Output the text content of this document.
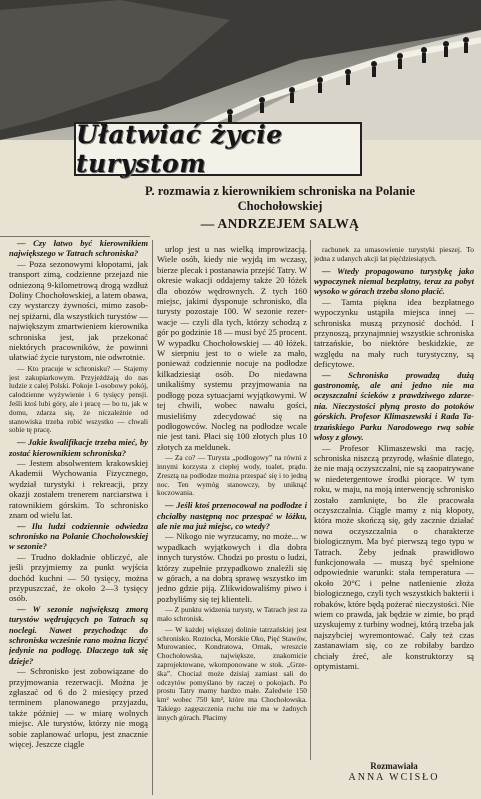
Ułatwiać życie turystom
P. rozmawia z kierownikiem schroniska na Polanie Chochołowskiej
— ANDRZEJEM SALWĄ

— Czy łatwo być kierownikiem największego w Tatrach schroniska?

— Poza sezonowymi kłopotami, jak transport zimą, codzienne przejazd nie odniezoną 9-kilometrową drogą wzdłuż Doliny Chochołowskiej, a latem obawa, czy wystarczy żywności, mimo zasobnej spiżarni, dla wszystkich turystów — największym zmartwieniem kierownika schroniska jest, jak przekonać niektórych pracowników, że powinni ułatwiać życie turystom, nie odwrotnie.

— Kto pracuje w schronisku? — Stajemy jest zakupiarkowym. Przyjeżdżają do nas ludzie z całej Polski. Pokoje 1-osobowy pokój, całodzienne wyżywienie i 6 tysięcy pensji. Jeśli ktoś lubi góry, ale i pracę — bo tu, jak w domu, zdarza się, że niczależnie od stanowiska trzeba robić wszystko — chwali sobie tę pracę.

— Jakie kwalifikacje trzeba mieć, by zostać kierownikiem schroniska?

— Jestem absolwentem krakowskiej Akademii Wychowania Fizycznego, wydział turystyki i rekreacji, przy okazji zostałem trenerem narciarstwa i ratownikiem górskim. To schronisko znam od wielu lat.

— Ilu ludzi codziennie odwiedza schronisko na Polanie Chochołowskiej w sezonie?

— Trudno dokładnie obliczyć, ale jeśli przyjmiemy za punkt wyjścia dochód kuchni — 50 tysięcy, można przypuszczać, że około 2—3 tysięcy osób.

— W sezonie największą zmorą turystów wędrujących po Tatrach są noclegi. Nawet przychodząc do schroniska wcześnie rano można liczyć jedynie na podłogę. Dlaczego tak się dzieje?

— Schronisko jest zobowiązane do przyjmowania rezerwacji. Można je zgłaszać od 6 do 2 miesięcy przed terminem planowanego przyjazdu, także później — w miarę wolnych miejsc. Ale turystów, którzy nie mogą sobie zaplanować urlopu, jest znacznie więcej. Jeszcze ciągle

urlop jest u nas wielką improwizacją. Wiele osób, kiedy nie wyjdą im wczasy, bierze plecak i postanawia przejść Tatry. W okresie wakacji oddajemy także 20 łóżek dla obozów wędrownych. Z tych 160 miejsc, jakimi dysponuje schronisko, dla turysty pozostaje 100. W sezonie rezerwacje — czyli dla tych, którzy schodzą z gór po godzinie 18 — musi być 25 procent. W wypadku Chochołowskiej — 40 łóżek. W sierpniu jest to o wiele za mało, ponieważ codziennie nocuje na podłodze kilkadziesiąt osób. Do niedawna unikaliśmy systemu przyjmowania na podłogę poza sytuacjami wyjątkowymi. W tej chwili, wobec nawału gości, musieliśmy zdecydować się na podłogowców. Nocleg na podłodze wcale nie jest tani. Płaci się 100 złotych plus 10 złotych za meldunek.

— Za co? — Turysta „podłogowy” na równi z innymi korzysta z ciepłej wody, toalet, prądu. Zresztą na podłodze można przespać się i to jedną noc. Ten wymóg stanowczy, by uniknąć koczowania.

— Jeśli ktoś przenocował na podłodze i chciałby następną noc przespać w łóżku, ale nie ma już miejsc, co wtedy?

— Nikogo nie wyrzucamy, no może... w wypadkach wyjątkowych i dla dobra innych turystów. Chodzi po prostu o ludzi, którzy zupełnie przypadkowo znaleźli się w górach, a na dobrą sprawę wszystko im jedno gdzie piją. Zlikwidowaliśmy piwo i pozbyliśmy się tej klienteli.

— Z punktu widzenia turysty, w Tatrach jest za mało schronisk.

— W każdej większej dolinie tatrzańskiej jest schronisko. Roztocka, Morskie Oko, Pięć Stawów, Murowaniec, Kondratowa, Ornak, wreszcie Chochołowska, największe, znakomicie zaprojektowane, wkomponowane w stok. „Grześka”. Chociaż może dzisiaj zamiast sali do odczytów pomyślano by raczej o pokojach. Po prostu Tatry mamy bardzo małe. Zaledwie 150 km² wobec 750 km², które ma Chochołowska. Takiego zagęszczenia ruchu nie ma w żadnych innych górach. Płacimy

rachunek za umasowienie turystyki pieszej. To jedna z udanych akcji lat pięćdziesiątych.

— Wtedy propagowano turystykę jako wypoczynek niemal bezpłatny, teraz za pobyt wysoko w górach trzeba słono płacić.

— Tamta piękna idea bezpłatnego wypoczynku ustąpiła miejsca innej — schroniska muszą przynosić dochód. I przynoszą, przynajmniej wszystkie schroniska tatrzańskie, bo niektóre beskidzkie, ze względu na mały ruch turystyczny, są deficytowe.

— Schroniska prowadzą dużą gastronomię, ale ani jedno nie ma oczyszczalni ścieków z prawdziwego zdarzenia. Nieczystości płyną prosto do potoków górskich. Profesor Klimaszewski i Rada Tatrzańskiego Parku Narodowego rwą sobie włosy z głowy.

— Profesor Klimaszewski ma rację, schroniska niszczą przyrodę, właśnie dlatego, że nie mają oczyszczalni, nie są zaopatrywane w niedetergentowe środki piorące. W tym roku, w maju, na moją interwencję schronisko zostało zamknięte, bo źle pracowała oczyszczalnia. Ciągle mamy z nią kłopoty, która może skończą się, gdy zacznie działać nowa oczyszczalnia o charakterze biologicznym. Ma być pierwszą tego typu w Tatrach. Żeby jednak prawidłowo funkcjonowała — muszą być spełnione odpowiednie warunki: stała temperatura — około 20°C i pełne natlenienie złoża biologicznego, czyli tych wszystkich bakterii i robaków, które będą pożerać nieczystości. Nie wiem co prawda, jak będzie w zimie, bo prąd uzyskujemy z turbiny wodnej, którą trzeba jak najszybciej wyremontować. Cały też czas zastanawiam się, co ze robiłaby bardzo chciały źreć, ale konstruktorzy są optymistami.

Rozmawiała
ANNA WCISŁO
